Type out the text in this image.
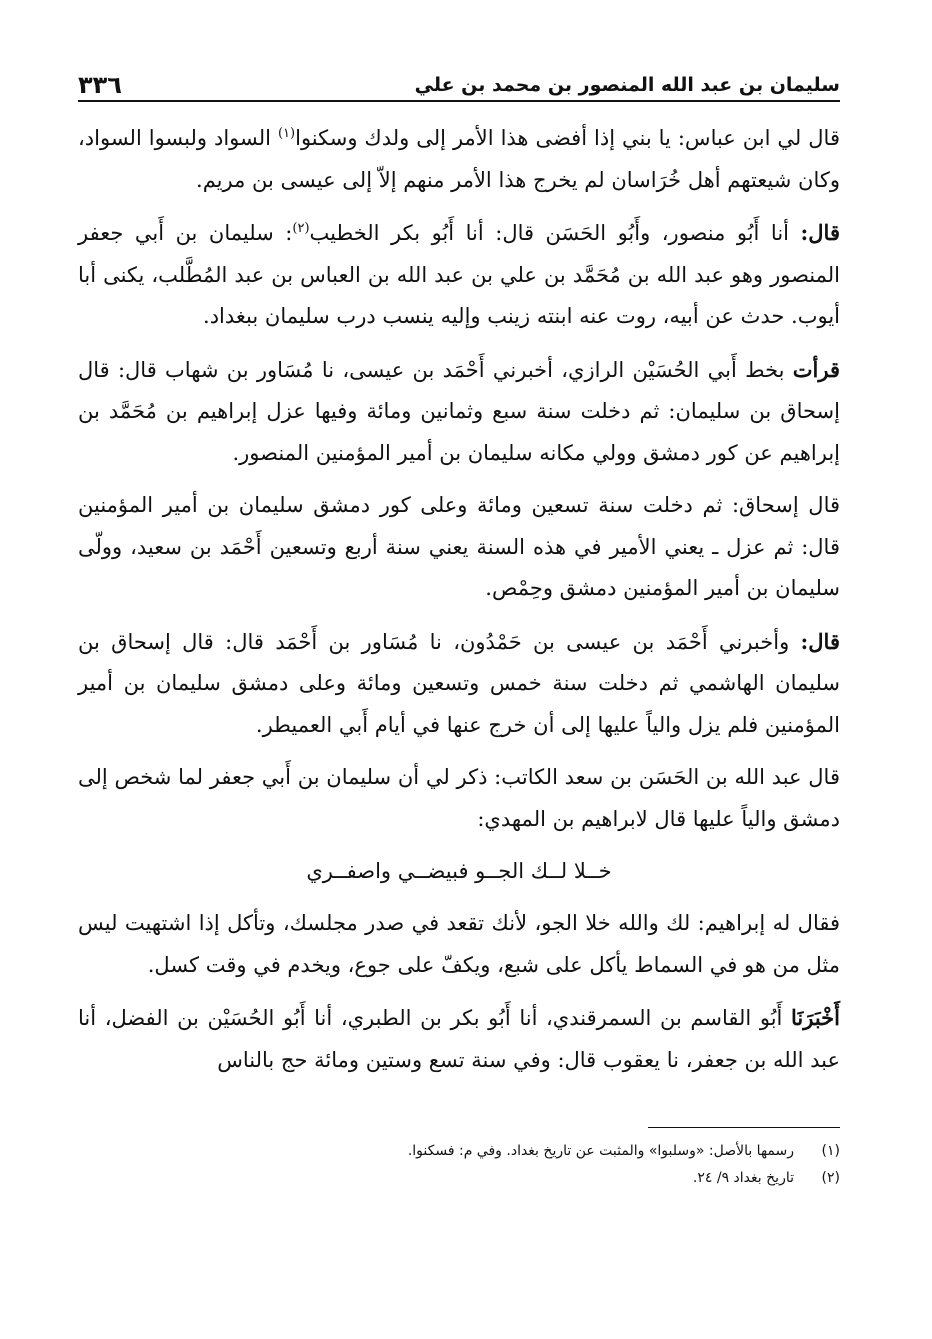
سليمان بن عبد الله المنصور بن محمد بن علي
٣٣٦

قال لي ابن عباس: يا بني إذا أفضى هذا الأمر إلى ولدك وسكنوا$^{(١)}$ السواد ولبسوا السواد، وكان شيعتهم أهل خُرَاسان لم يخرج هذا الأمر منهم إلاّ إلى عيسى بن مريم.

قال: أنا أَبُو منصور، وأَبُو الحَسَن قال: أنا أَبُو بكر الخطيب$^{(٢)}$: سليمان بن أَبي جعفر المنصور وهو عبد الله بن مُحَمَّد بن علي بن عبد الله بن العباس بن عبد المُطَّلب، يكنى أبا أيوب. حدث عن أبيه، روت عنه ابنته زينب وإليه ينسب درب سليمان ببغداد.

قرأت بخط أَبي الحُسَيْن الرازي، أخبرني أَحْمَد بن عيسى، نا مُسَاور بن شهاب قال: قال إسحاق بن سليمان: ثم دخلت سنة سبع وثمانين ومائة وفيها عزل إبراهيم بن مُحَمَّد بن إبراهيم عن كور دمشق وولي مكانه سليمان بن أمير المؤمنين المنصور.

قال إسحاق: ثم دخلت سنة تسعين ومائة وعلى كور دمشق سليمان بن أمير المؤمنين قال: ثم عزل ـ يعني الأمير في هذه السنة يعني سنة أربع وتسعين أَحْمَد بن سعيد، وولّى سليمان بن أمير المؤمنين دمشق وحِمْص.

قال: وأخبرني أَحْمَد بن عيسى بن حَمْدُون، نا مُسَاور بن أَحْمَد قال: قال إسحاق بن سليمان الهاشمي ثم دخلت سنة خمس وتسعين ومائة وعلى دمشق سليمان بن أمير المؤمنين فلم يزل والياً عليها إلى أن خرج عنها في أيام أَبي العميطر.

قال عبد الله بن الحَسَن بن سعد الكاتب: ذكر لي أن سليمان بن أَبي جعفر لما شخص إلى دمشق والياً عليها قال لابراهيم بن المهدي:

خــلا لــك الجــو فبيضــي واصفــري

فقال له إبراهيم: لك والله خلا الجو، لأنك تقعد في صدر مجلسك، وتأكل إذا اشتهيت ليس مثل من هو في السماط يأكل على شبع، ويكفّ على جوع، ويخدم في وقت كسل.

أَخْبَرَنَا أَبُو القاسم بن السمرقندي، أنا أَبُو بكر بن الطبري، أنا أَبُو الحُسَيْن بن الفضل، أنا عبد الله بن جعفر، نا يعقوب قال: وفي سنة تسع وستين ومائة حج بالناس

(١)
رسمها بالأصل: «وسلبوا» والمثبت عن تاريخ بغداد. وفي م: فسكنوا.
(٢)
تاريخ بغداد ٩/ ٢٤.
